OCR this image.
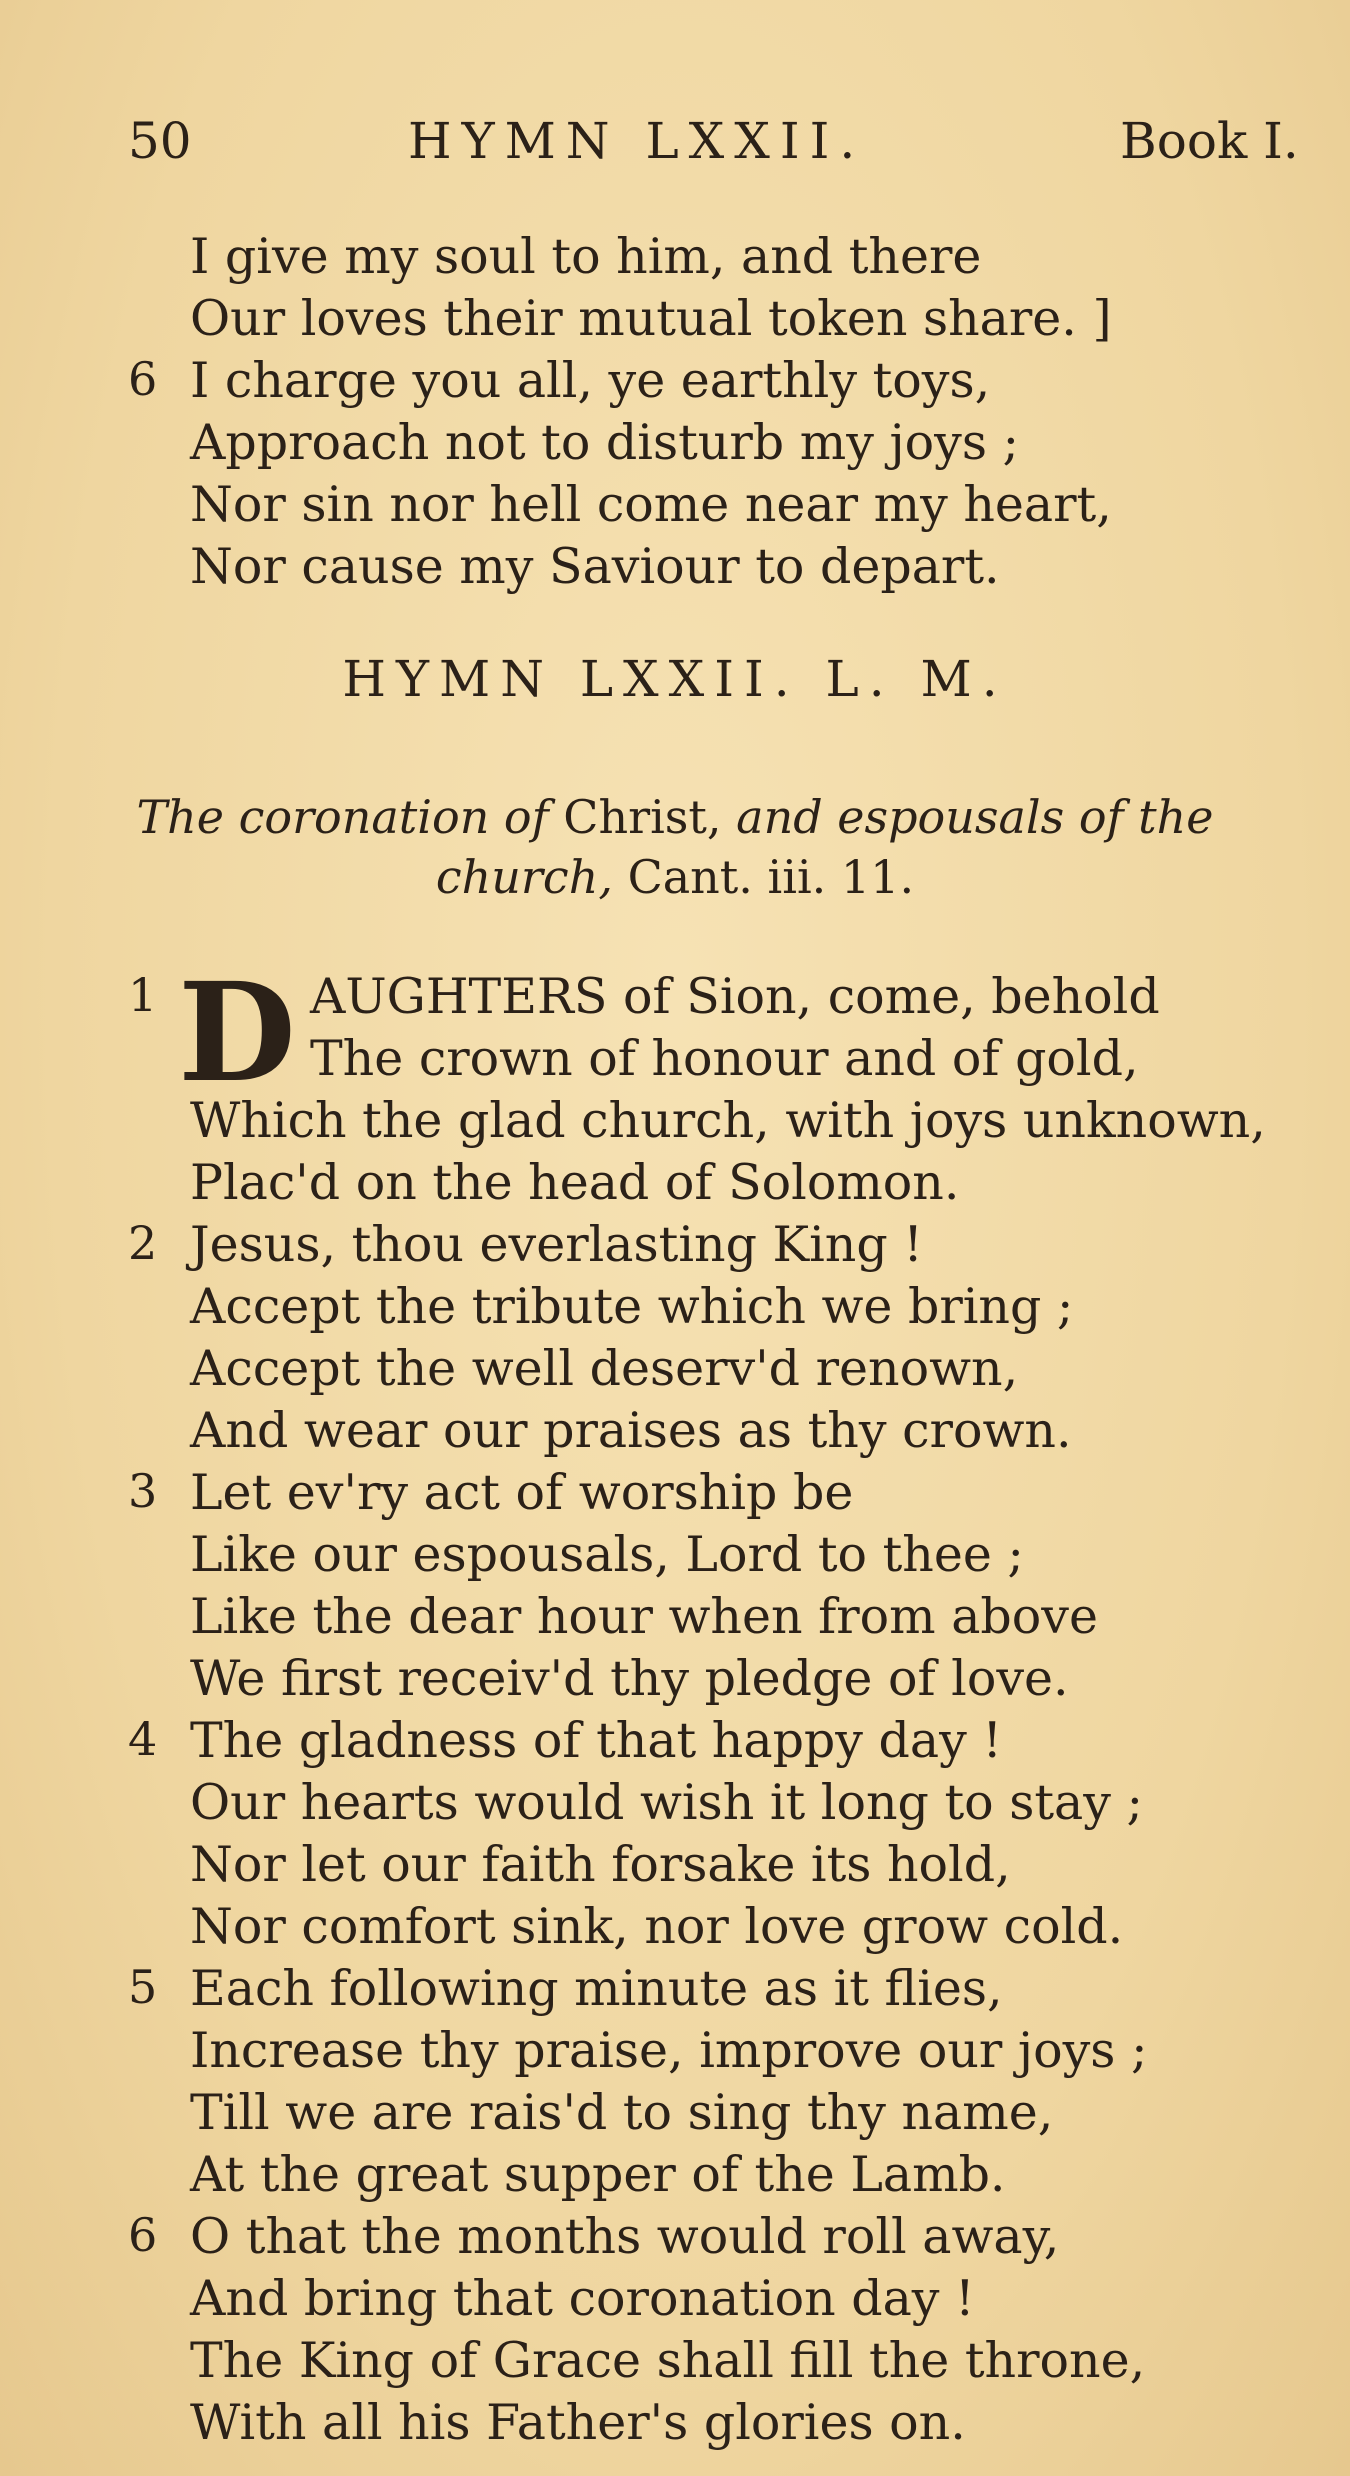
50	HYMN LXXII.	Book I.
I give my soul to him, and there
Our loves their mutual token share. ]
6 I charge you all, ye earthly toys,
Approach not to disturb my joys ;
Nor sin nor hell come near my heart,
Nor cause my Saviour to depart.
HYMN LXXII. L. M.
The coronation of Christ, and espousals of the
church, Cant. iii. 11.
1 D AUGHTERS of Sion, come, behold
The crown of honour and of gold,
Which the glad church, with joys unknown,
Plac'd on the head of Solomon.
2 Jesus, thou everlasting King !
Accept the tribute which we bring ;
Accept the well deserv'd renown,
And wear our praises as thy crown.
3 Let ev'ry act of worship be
Like our espousals, Lord to thee ;
Like the dear hour when from above
We first receiv'd thy pledge of love.
4 The gladness of that happy day !
Our hearts would wish it long to stay ;
Nor let our faith forsake its hold,
Nor comfort sink, nor love grow cold.
5 Each following minute as it flies,
Increase thy praise, improve our joys ;
Till we are rais'd to sing thy name,
At the great supper of the Lamb.
6 O that the months would roll away,
And bring that coronation day !
The King of Grace shall fill the throne,
With all his Father's glories on.
